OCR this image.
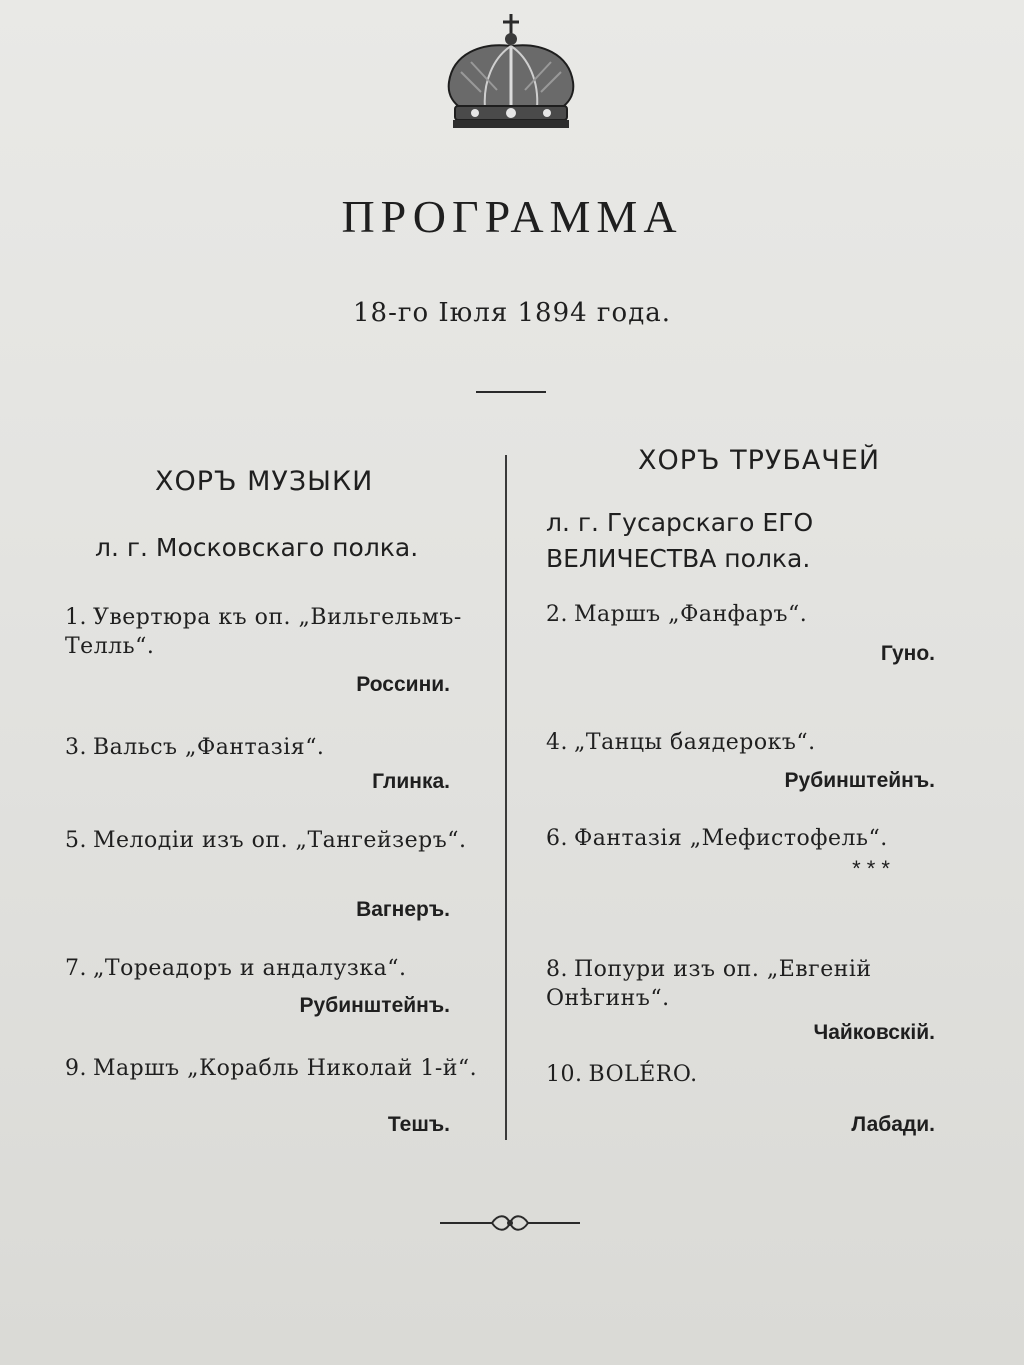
ПРОГРАММА
18-го Іюля 1894 года.
ХОРЪ МУЗЫКИ
л. г. Московскаго полка.
1. Увертюра къ оп. „Вильгельмъ-Телль“.
Россини.
3. Вальсъ „Фантазія“.
Глинка.
5. Мелодіи изъ оп. „Тангейзеръ“.
Вагнеръ.
7. „Тореадоръ и андалузка“.
Рубинштейнъ.
9. Маршъ „Корабль Николай 1-й“.
Тешъ.
ХОРЪ ТРУБАЧЕЙ
л. г. Гусарскаго ЕГО ВЕЛИЧЕСТВА полка.
2. Маршъ „Фанфаръ“.
Гуно.
4. „Танцы баядерокъ“.
Рубинштейнъ.
6. Фантазія „Мефистофель“.
* * *
8. Попури изъ оп. „Евгеній Онѣгинъ“.
Чайковскій.
10. BOLÉRO.
Лабади.
